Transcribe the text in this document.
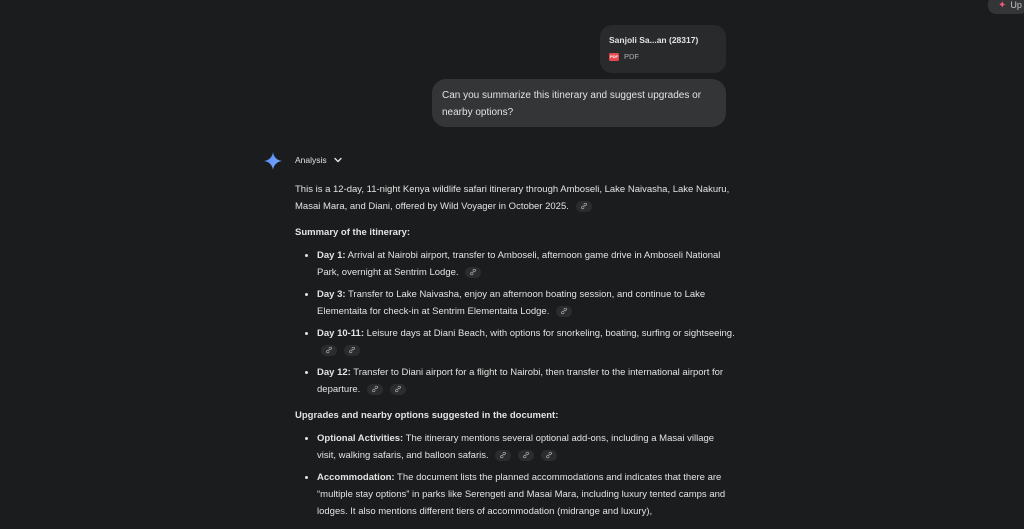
✦ Up
Sanjoli Sa...an (28317)
PDF PDF
Can you summarize this itinerary and suggest upgrades or nearby options?
Analysis

This is a 12-day, 11-night Kenya wildlife safari itinerary through Amboseli, Lake Naivasha, Lake Nakuru, Masai Mara, and Diani, offered by Wild Voyager in October 2025.

Summary of the itinerary:

• Day 1: Arrival at Nairobi airport, transfer to Amboseli, afternoon game drive in Amboseli National Park, overnight at Sentrim Lodge.
• Day 3: Transfer to Lake Naivasha, enjoy an afternoon boating session, and continue to Lake Elementaita for check-in at Sentrim Elementaita Lodge.
• Day 10-11: Leisure days at Diani Beach, with options for snorkeling, boating, surfing or sightseeing.

• Day 12: Transfer to Diani airport for a flight to Nairobi, then transfer to the international airport for departure.

Upgrades and nearby options suggested in the document:

• Optional Activities: The itinerary mentions several optional add-ons, including a Masai village visit, walking safaris, and balloon safaris.

• Accommodation: The document lists the planned accommodations and indicates that there are “multiple stay options” in parks like Serengeti and Masai Mara, including luxury tented camps and lodges. It also mentions different tiers of accommodation (midrange and luxury),
